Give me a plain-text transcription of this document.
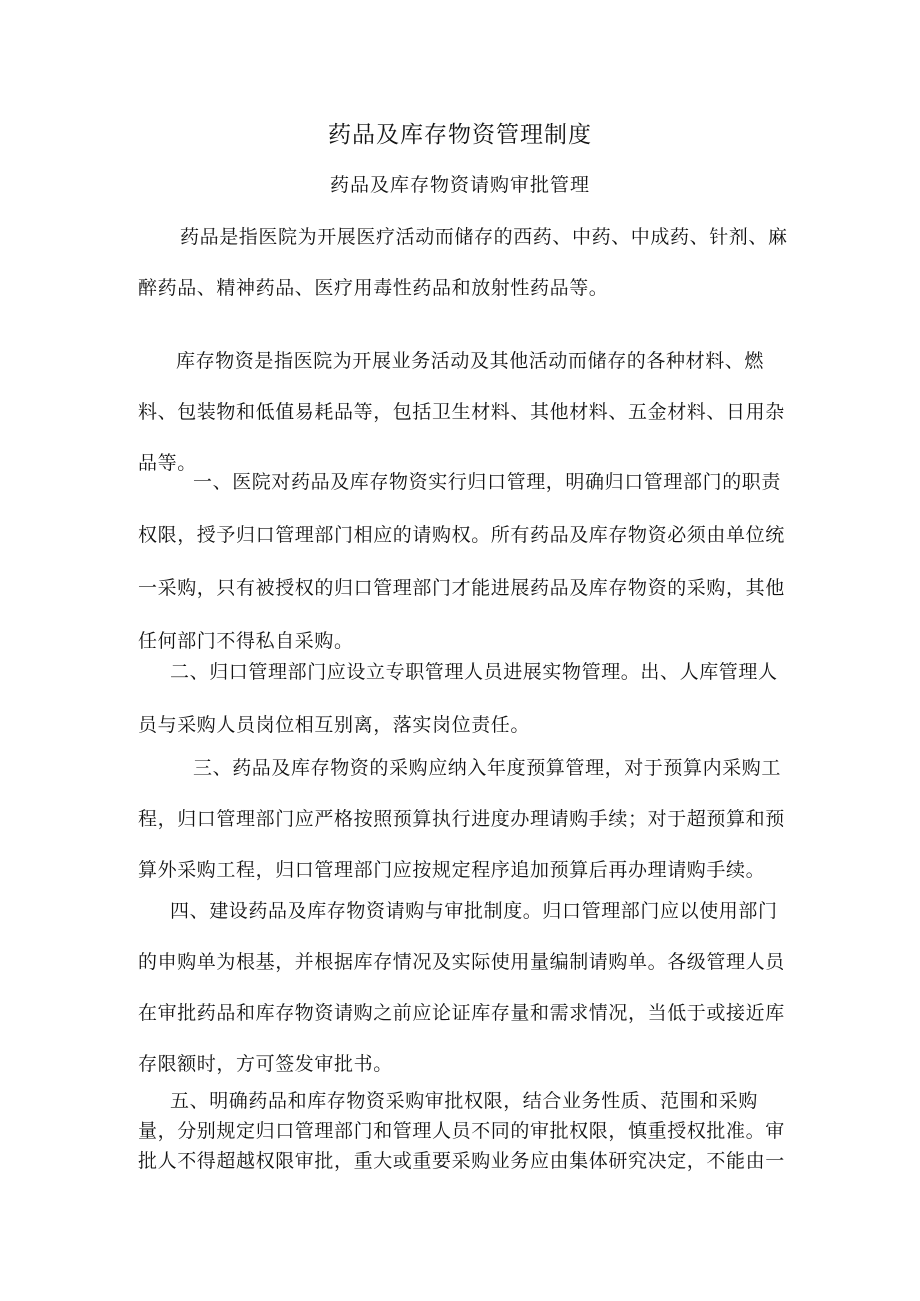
药品及库存物资管理制度
药品及库存物资请购审批管理

药品是指医院为开展医疗活动而储存的西药、中药、中成药、针剂、麻醉药品、精神药品、医疗用毒性药品和放射性药品等。

库存物资是指医院为开展业务活动及其他活动而储存的各种材料、燃料、包装物和低值易耗品等，包括卫生材料、其他材料、五金材料、日用杂品等。

一、医院对药品及库存物资实行归口管理，明确归口管理部门的职责权限，授予归口管理部门相应的请购权。所有药品及库存物资必须由单位统一采购，只有被授权的归口管理部门才能进展药品及库存物资的采购，其他任何部门不得私自采购。

二、归口管理部门应设立专职管理人员进展实物管理。出、人库管理人员与采购人员岗位相互别离，落实岗位责任。

三、药品及库存物资的采购应纳入年度预算管理，对于预算内采购工程，归口管理部门应严格按照预算执行进度办理请购手续；对于超预算和预算外采购工程，归口管理部门应按规定程序追加预算后再办理请购手续。

四、建设药品及库存物资请购与审批制度。归口管理部门应以使用部门的申购单为根基，并根据库存情况及实际使用量编制请购单。各级管理人员在审批药品和库存物资请购之前应论证库存量和需求情况，当低于或接近库存限额时，方可签发审批书。

五、明确药品和库存物资采购审批权限，结合业务性质、范围和采购量，分别规定归口管理部门和管理人员不同的审批权限，慎重授权批准。审批人不得超越权限审批，重大或重要采购业务应由集体研究决定，不能由一
